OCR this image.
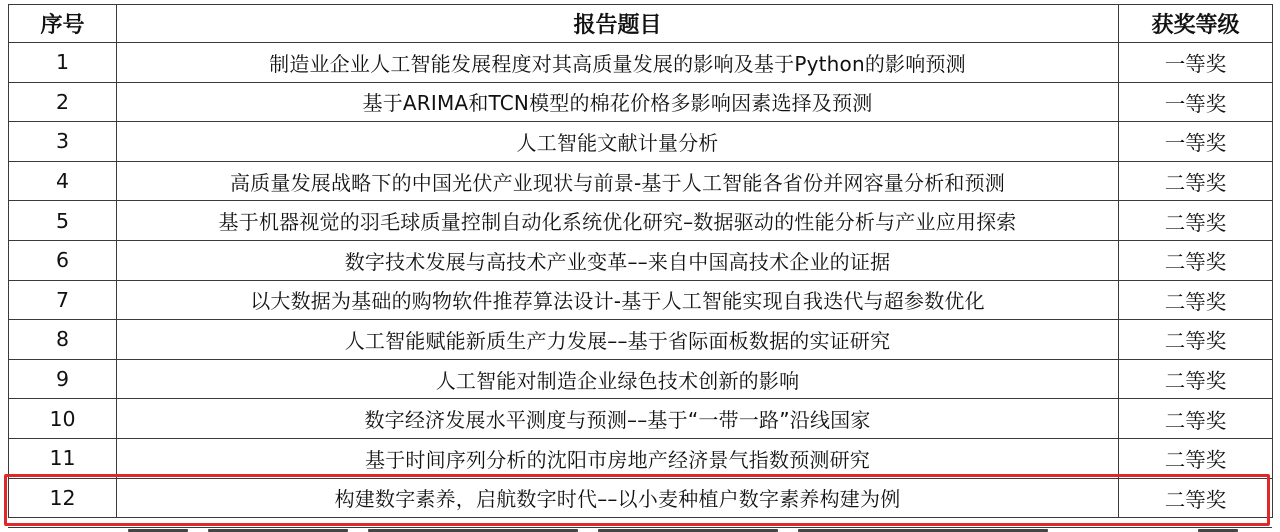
序号	报告题目	获奖等级
1	制造业企业人工智能发展程度对其高质量发展的影响及基于Python的影响预测	一等奖
2	基于ARIMA和TCN模型的棉花价格多影响因素选择及预测	一等奖
3	人工智能文献计量分析	一等奖
4	高质量发展战略下的中国光伏产业现状与前景-基于人工智能各省份并网容量分析和预测	二等奖
5	基于机器视觉的羽毛球质量控制自动化系统优化研究–数据驱动的性能分析与产业应用探索	二等奖
6	数字技术发展与高技术产业变革––来自中国高技术企业的证据	二等奖
7	以大数据为基础的购物软件推荐算法设计-基于人工智能实现自我迭代与超参数优化	二等奖
8	人工智能赋能新质生产力发展––基于省际面板数据的实证研究	二等奖
9	人工智能对制造企业绿色技术创新的影响	二等奖
10	数字经济发展水平测度与预测––基于“一带一路”沿线国家	二等奖
11	基于时间序列分析的沈阳市房地产经济景气指数预测研究	二等奖
12	构建数字素养，启航数字时代––以小麦种植户数字素养构建为例	二等奖
